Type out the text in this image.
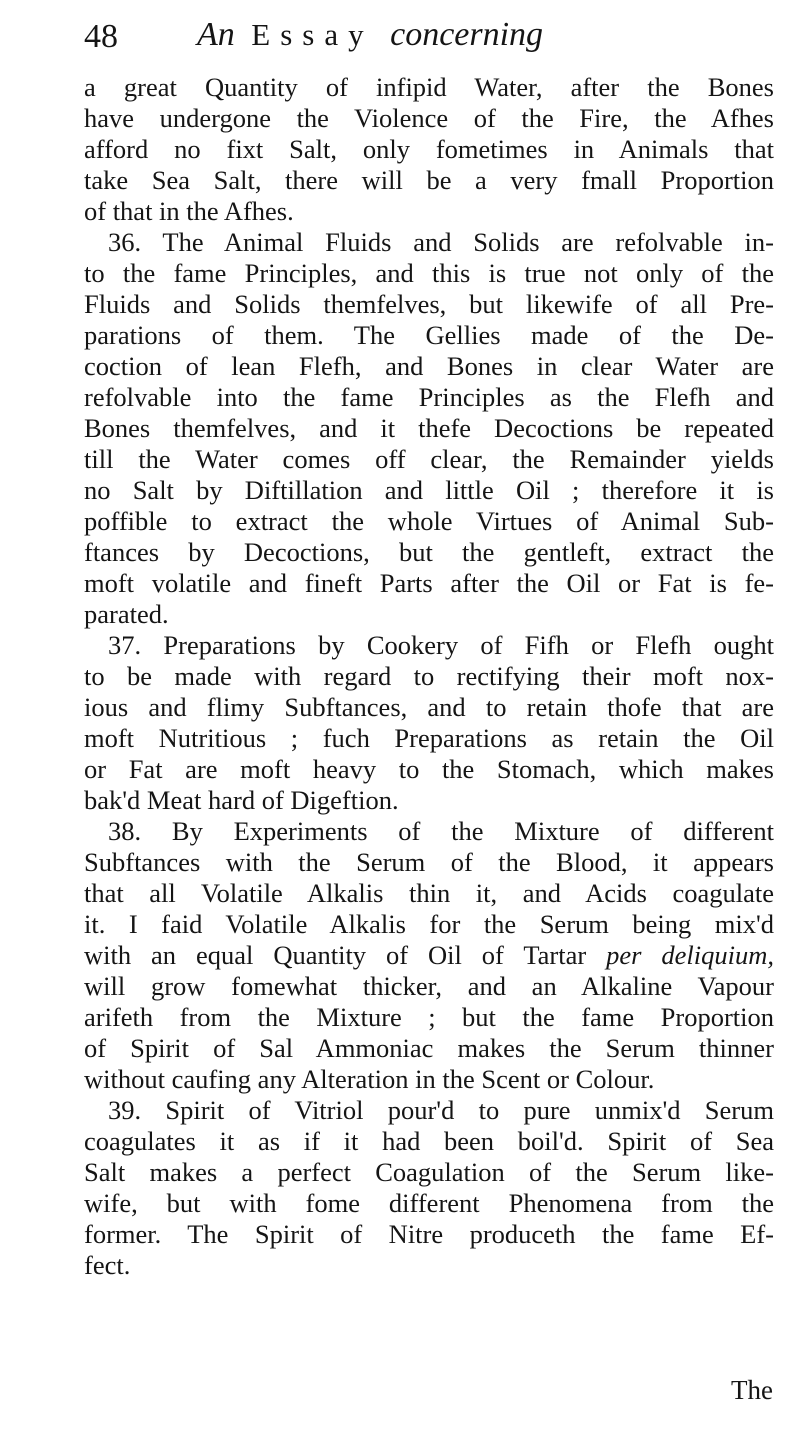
48 An Essay concerning
a great Quantity of infipid Water, after the Bones
have undergone the Violence of the Fire, the Afhes
afford no fixt Salt, only fometimes in Animals that
take Sea Salt, there will be a very fmall Proportion
of that in the Afhes.
36. The Animal Fluids and Solids are refolvable in-
to the fame Principles, and this is true not only of the
Fluids and Solids themfelves, but likewife of all Pre-
parations of them. The Gellies made of the De-
coction of lean Flefh, and Bones in clear Water are
refolvable into the fame Principles as the Flefh and
Bones themfelves, and it thefe Decoctions be repeated
till the Water comes off clear, the Remainder yields
no Salt by Diftillation and little Oil ; therefore it is
poffible to extract the whole Virtues of Animal Sub-
ftances by Decoctions, but the gentleft, extract the
moft volatile and fineft Parts after the Oil or Fat is fe-
parated.
37. Preparations by Cookery of Fifh or Flefh ought
to be made with regard to rectifying their moft nox-
ious and flimy Subftances, and to retain thofe that are
moft Nutritious ; fuch Preparations as retain the Oil
or Fat are moft heavy to the Stomach, which makes
bak'd Meat hard of Digeftion.
38. By Experiments of the Mixture of different
Subftances with the Serum of the Blood, it appears
that all Volatile Alkalis thin it, and Acids coagulate
it. I faid Volatile Alkalis for the Serum being mix'd
with an equal Quantity of Oil of Tartar per deliquium,
will grow fomewhat thicker, and an Alkaline Vapour
arifeth from the Mixture ; but the fame Proportion
of Spirit of Sal Ammoniac makes the Serum thinner
without caufing any Alteration in the Scent or Colour.
39. Spirit of Vitriol pour'd to pure unmix'd Serum
coagulates it as if it had been boil'd. Spirit of Sea
Salt makes a perfect Coagulation of the Serum like-
wife, but with fome different Phenomena from the
former. The Spirit of Nitre produceth the fame Ef-
fect.
The
